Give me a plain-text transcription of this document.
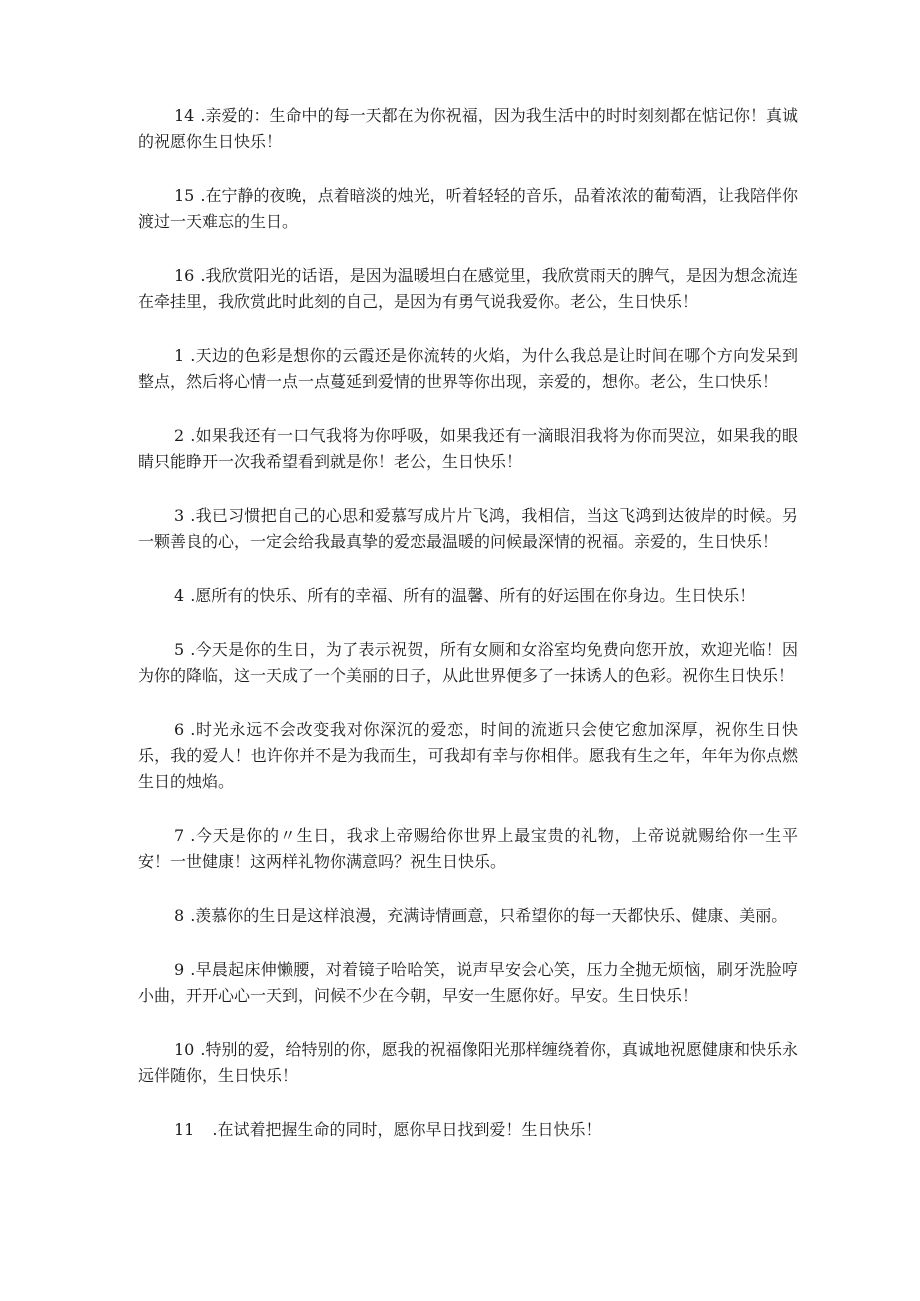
14 .亲爱的：生命中的每一天都在为你祝福，因为我生活中的时时刻刻都在惦记你！真诚的祝愿你生日快乐！

15 .在宁静的夜晚，点着暗淡的烛光，听着轻轻的音乐，品着浓浓的葡萄酒，让我陪伴你渡过一天难忘的生日。

16 .我欣赏阳光的话语，是因为温暖坦白在感觉里，我欣赏雨天的脾气，是因为想念流连在牵挂里，我欣赏此时此刻的自己，是因为有勇气说我爱你。老公，生日快乐！

1 .天边的色彩是想你的云霞还是你流转的火焰，为什么我总是让时间在哪个方向发呆到整点，然后将心情一点一点蔓延到爱情的世界等你出现，亲爱的，想你。老公，生口快乐！

2 .如果我还有一口气我将为你呼吸，如果我还有一滴眼泪我将为你而哭泣，如果我的眼睛只能睁开一次我希望看到就是你！老公，生日快乐！

3 .我已习惯把自己的心思和爱慕写成片片飞鸿，我相信，当这飞鸿到达彼岸的时候。另一颗善良的心，一定会给我最真挚的爱恋最温暖的问候最深情的祝福。亲爱的，生日快乐！

4 .愿所有的快乐、所有的幸福、所有的温馨、所有的好运围在你身边。生日快乐！

5 .今天是你的生日，为了表示祝贺，所有女厕和女浴室均免费向您开放，欢迎光临！因为你的降临，这一天成了一个美丽的日子，从此世界便多了一抹诱人的色彩。祝你生日快乐！

6 .时光永远不会改变我对你深沉的爱恋，时间的流逝只会使它愈加深厚，祝你生日快乐，我的爱人！也许你并不是为我而生，可我却有幸与你相伴。愿我有生之年，年年为你点燃生日的烛焰。

7 .今天是你的〃生日，我求上帝赐给你世界上最宝贵的礼物，上帝说就赐给你一生平安！一世健康！这两样礼物你满意吗？祝生日快乐。

8 .羡慕你的生日是这样浪漫，充满诗情画意，只希望你的每一天都快乐、健康、美丽。

9 .早晨起床伸懒腰，对着镜子哈哈笑，说声早安会心笑，压力全抛无烦恼，刷牙洗脸哼小曲，开开心心一天到，问候不少在今朝，早安一生愿你好。早安。生日快乐！

10 .特别的爱，给特别的你，愿我的祝福像阳光那样缠绕着你，真诚地祝愿健康和快乐永远伴随你，生日快乐！

11 .在试着把握生命的同时，愿你早日找到爱！生日快乐！
